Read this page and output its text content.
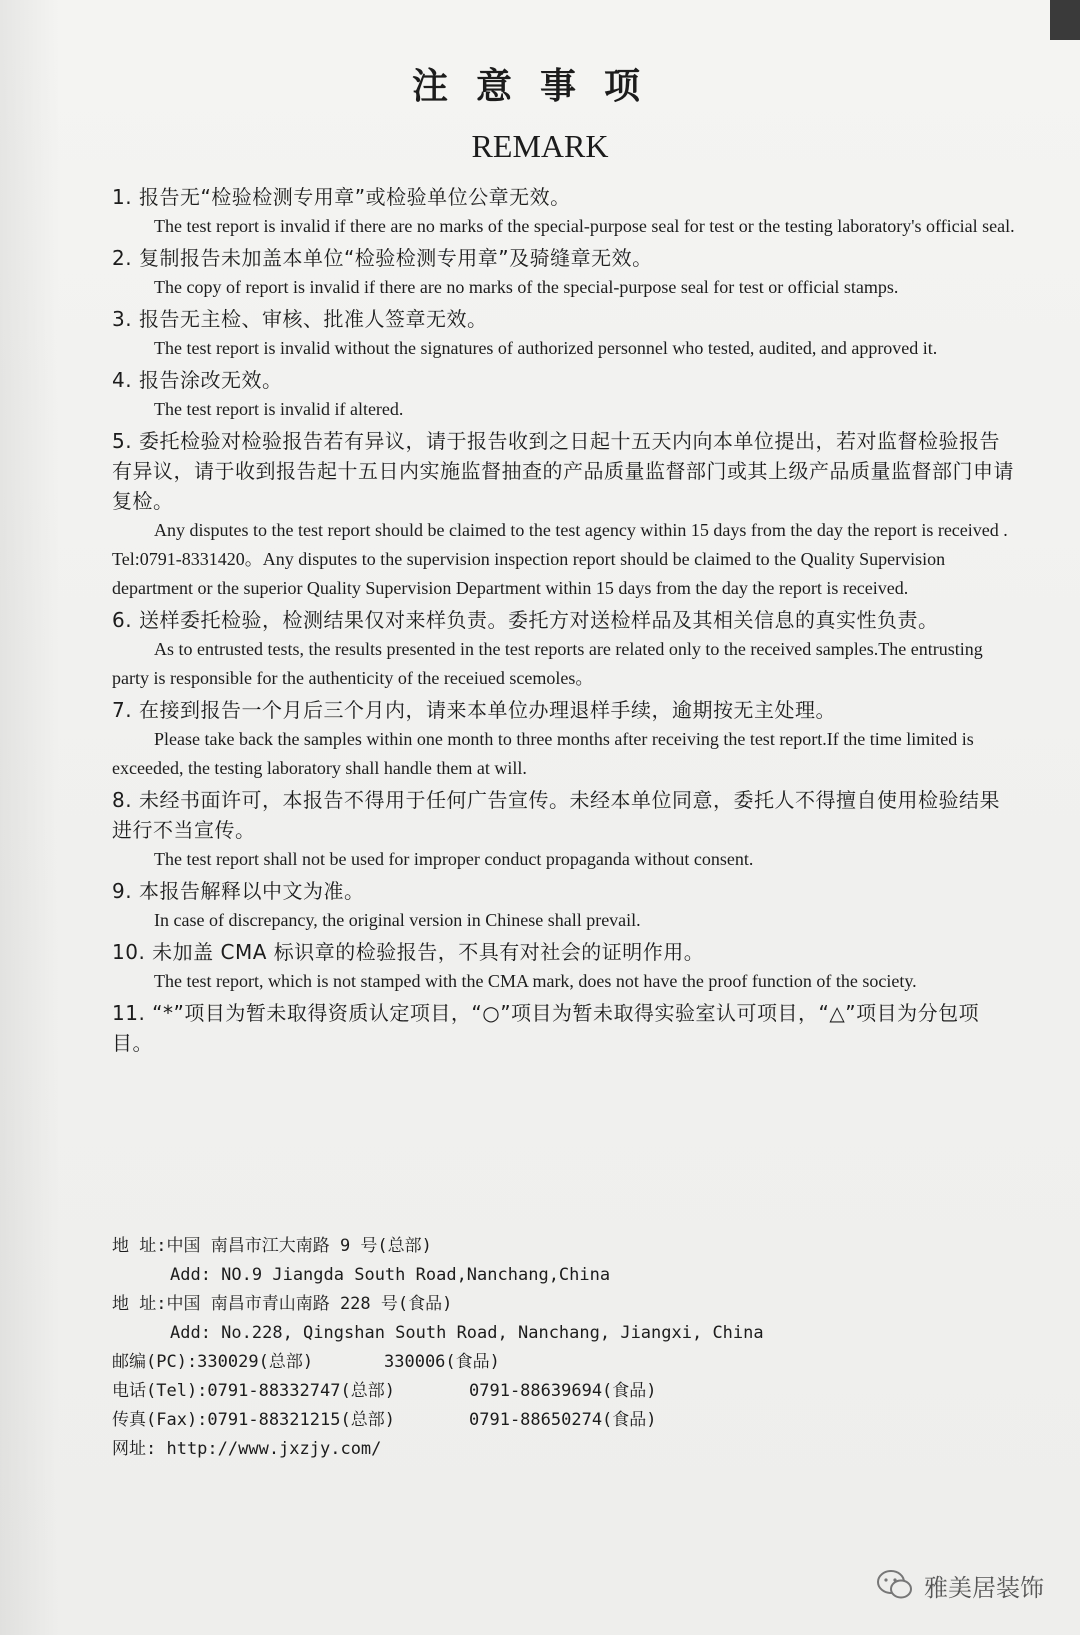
注意事项
REMARK
1. 报告无“检验检测专用章”或检验单位公章无效。
The test report is invalid if there are no marks of the special-purpose seal for test or the testing laboratory's official seal.
2. 复制报告未加盖本单位“检验检测专用章”及骑缝章无效。
The copy of report is invalid if there are no marks of the special-purpose seal for test or official stamps.
3. 报告无主检、审核、批准人签章无效。
The test report is invalid without the signatures of authorized personnel who tested, audited, and approved it.
4. 报告涂改无效。
The test report is invalid if altered.
5. 委托检验对检验报告若有异议，请于报告收到之日起十五天内向本单位提出，若对监督检验报告有异议，请于收到报告起十五日内实施监督抽查的产品质量监督部门或其上级产品质量监督部门申请复检。
Any disputes to the test report should be claimed to the test agency within 15 days from the day the report is received . Tel:0791-8331420。Any disputes to the supervision inspection report should be claimed to the Quality Supervision department or the superior Quality Supervision Department within 15 days from the day the report is received.
6. 送样委托检验，检测结果仅对来样负责。委托方对送检样品及其相关信息的真实性负责。
As to entrusted tests, the results presented in the test reports are related only to the received samples.The entrusting party is responsible for the authenticity of the receiued scemoles。
7. 在接到报告一个月后三个月内，请来本单位办理退样手续，逾期按无主处理。
Please take back the samples within one month to three months after receiving the test report.If the time limited is exceeded, the testing laboratory shall handle them at will.
8. 未经书面许可，本报告不得用于任何广告宣传。未经本单位同意，委托人不得擅自使用检验结果进行不当宣传。
The test report shall not be used for improper conduct propaganda without consent.
9. 本报告解释以中文为准。
In case of discrepancy, the original version in Chinese shall prevail.
10. 未加盖 CMA 标识章的检验报告，不具有对社会的证明作用。
The test report, which is not stamped with the CMA mark, does not have the proof function of the society.
11. “*”项目为暂未取得资质认定项目，“○”项目为暂未取得实验室认可项目，“△”项目为分包项目。
地 址:中国 南昌市江大南路 9 号(总部)
Add: NO.9 Jiangda South Road,Nanchang,China
地 址:中国 南昌市青山南路 228 号(食品)
Add: No.228, Qingshan South Road, Nanchang, Jiangxi, China
邮编(PC):330029(总部)	330006(食品)
电话(Tel):0791-88332747(总部)	0791-88639694(食品)
传真(Fax):0791-88321215(总部)	0791-88650274(食品)
网址: http://www.jxzjy.com/
雅美居装饰
